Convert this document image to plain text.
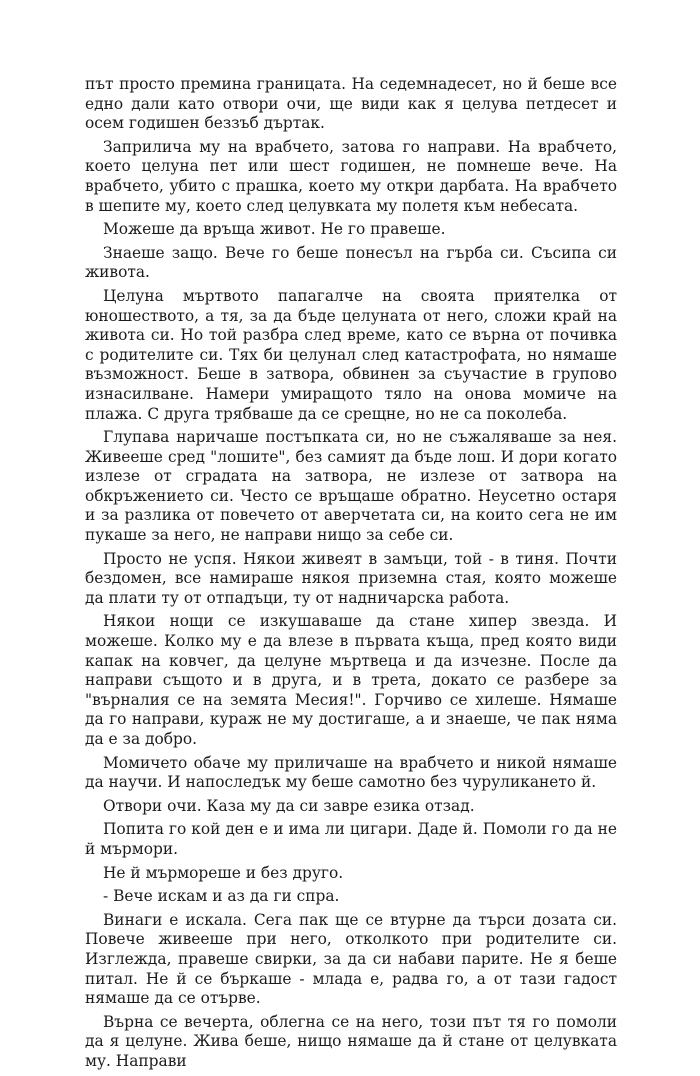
път просто премина границата. На седемнадесет, но й беше все едно дали като отвори очи, ще види как я целува петдесет и осем годишен беззъб дъртак.

Заприлича му на врабчето, затова го направи. На врабчето, което целуна пет или шест годишен, не помнеше вече. На врабчето, убито с прашка, което му откри дарбата. На врабчето в шепите му, което след целувката му полетя към небесата.

Можеше да връща живот. Не го правеше.

Знаеше защо. Вече го беше понесъл на гърба си. Съсипа си живота.

Целуна мъртвото папагалче на своята приятелка от юношеството, а тя, за да бъде целуната от него, сложи край на живота си. Но той разбра след време, като се върна от почивка с родителите си. Тях би целунал след катастрофата, но нямаше възможност. Беше в затвора, обвинен за съучастие в групово изнасилване. Намери умиращото тяло на онова момиче на плажа. С друга трябваше да се срещне, но не са поколеба.

Глупава наричаше постъпката си, но не съжаляваше за нея. Живееше сред "лошите", без самият да бъде лош. И дори когато излезе от сградата на затвора, не излезе от затвора на обкръжението си. Често се връщаше обратно. Неусетно остаря и за разлика от повечето от аверчетата си, на които сега не им пукаше за него, не направи нищо за себе си.

Просто не успя. Някои живеят в замъци, той - в тиня. Почти бездомен, все намираше някоя приземна стая, която можеше да плати ту от отпадъци, ту от надничарска работа.

Някои нощи се изкушаваше да стане хипер звезда. И можеше. Колко му е да влезе в първата къща, пред която види капак на ковчег, да целуне мъртвеца и да изчезне. После да направи същото и в друга, и в трета, докато се разбере за "върналия се на земята Месия!". Горчиво се хилеше. Нямаше да го направи, кураж не му достигаше, а и знаеше, че пак няма да е за добро.

Момичето обаче му приличаше на врабчето и никой нямаше да научи. И напоследък му беше самотно без чуруликането й.

Отвори очи. Каза му да си завре езика отзад.

Попита го кой ден е и има ли цигари. Даде й. Помоли го да не й мърмори.

Не й мърмореше и без друго.

- Вече искам и аз да ги спра.

Винаги е искала. Сега пак ще се втурне да търси дозата си. Повече живееше при него, отколкото при родителите си. Изглежда, правеше свирки, за да си набави парите. Не я беше питал. Не й се бъркаше - млада е, радва го, а от тази гадост нямаше да се отърве.

Върна се вечерта, облегна се на него, този път тя го помоли да я целуне. Жива беше, нищо нямаше да й стане от целувката му. Направи
